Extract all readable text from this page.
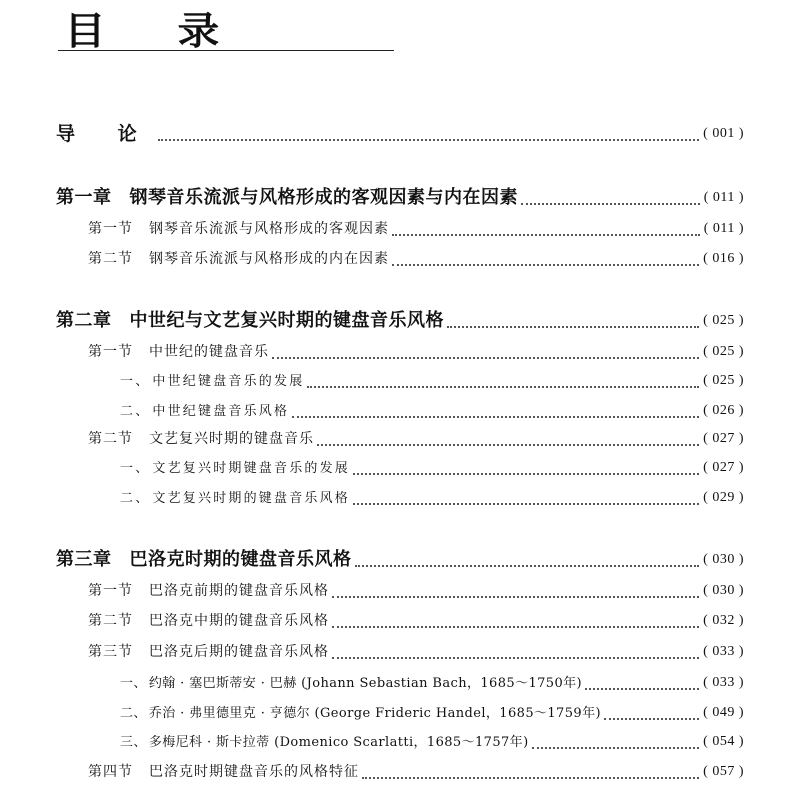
目 录
导 论	( 001 )
第一章 钢琴音乐流派与风格形成的客观因素与内在因素	( 011 )
第一节 钢琴音乐流派与风格形成的客观因素	( 011 )
第二节 钢琴音乐流派与风格形成的内在因素	( 016 )
第二章 中世纪与文艺复兴时期的键盘音乐风格	( 025 )
第一节 中世纪的键盘音乐	( 025 )
一、 中世纪键盘音乐的发展	( 025 )
二、 中世纪键盘音乐风格	( 026 )
第二节 文艺复兴时期的键盘音乐	( 027 )
一、 文艺复兴时期键盘音乐的发展	( 027 )
二、 文艺复兴时期的键盘音乐风格	( 029 )
第三章 巴洛克时期的键盘音乐风格	( 030 )
第一节 巴洛克前期的键盘音乐风格	( 030 )
第二节 巴洛克中期的键盘音乐风格	( 032 )
第三节 巴洛克后期的键盘音乐风格	( 033 )
一、 约翰 · 塞巴斯蒂安 · 巴赫 (Johann Sebastian Bach，1685～1750年)	( 033 )
二、 乔治 · 弗里德里克 · 亨德尔 (George Frideric Handel，1685～1759年)	( 049 )
三、 多梅尼科 · 斯卡拉蒂 (Domenico Scarlatti，1685～1757年)	( 054 )
第四节 巴洛克时期键盘音乐的风格特征	( 057 )
